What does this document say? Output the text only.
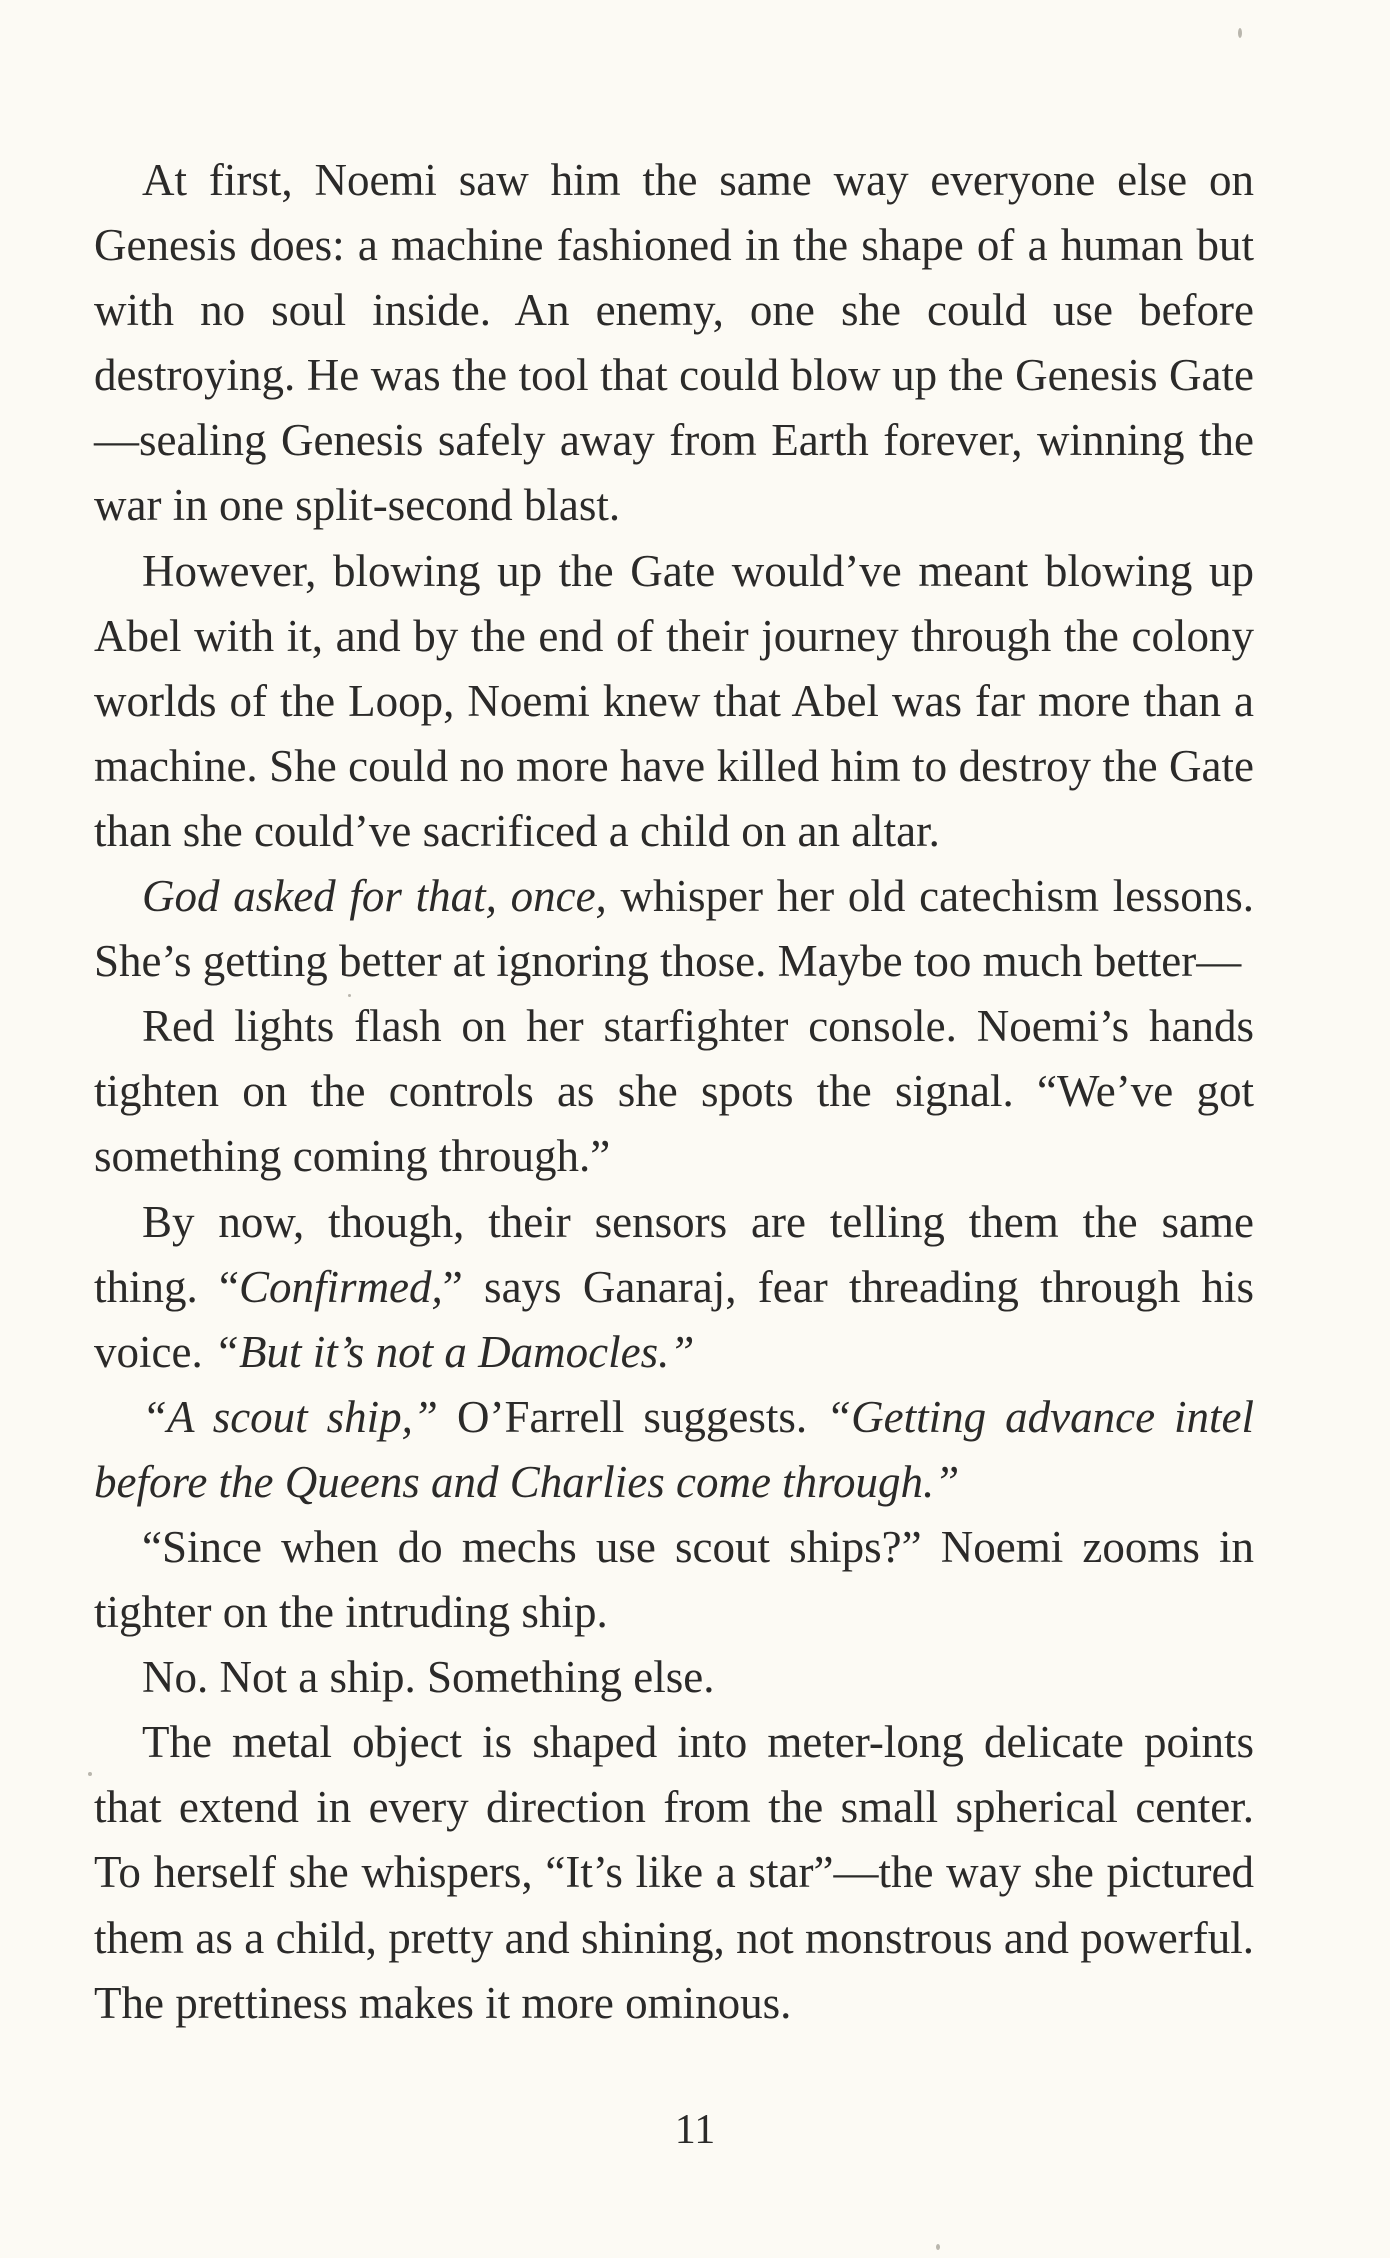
At first, Noemi saw him the same way everyone else on Genesis does: a machine fashioned in the shape of a human but with no soul inside. An enemy, one she could use before destroying. He was the tool that could blow up the Genesis Gate—sealing Genesis safely away from Earth forever, winning the war in one split-second blast.

However, blowing up the Gate would’ve meant blowing up Abel with it, and by the end of their journey through the colony worlds of the Loop, Noemi knew that Abel was far more than a machine. She could no more have killed him to destroy the Gate than she could’ve sacrificed a child on an altar.

God asked for that, once, whisper her old catechism lessons. She’s getting better at ignoring those. Maybe too much better—

Red lights flash on her starfighter console. Noemi’s hands tighten on the controls as she spots the signal. “We’ve got something coming through.”

By now, though, their sensors are telling them the same thing. “Confirmed,” says Ganaraj, fear threading through his voice. “But it’s not a Damocles.”

“A scout ship,” O’Farrell suggests. “Getting advance intel before the Queens and Charlies come through.”

“Since when do mechs use scout ships?” Noemi zooms in tighter on the intruding ship.

No. Not a ship. Something else.

The metal object is shaped into meter-long delicate points that extend in every direction from the small spherical center. To herself she whispers, “It’s like a star”—the way she pictured them as a child, pretty and shining, not monstrous and powerful. The prettiness makes it more ominous.

11
